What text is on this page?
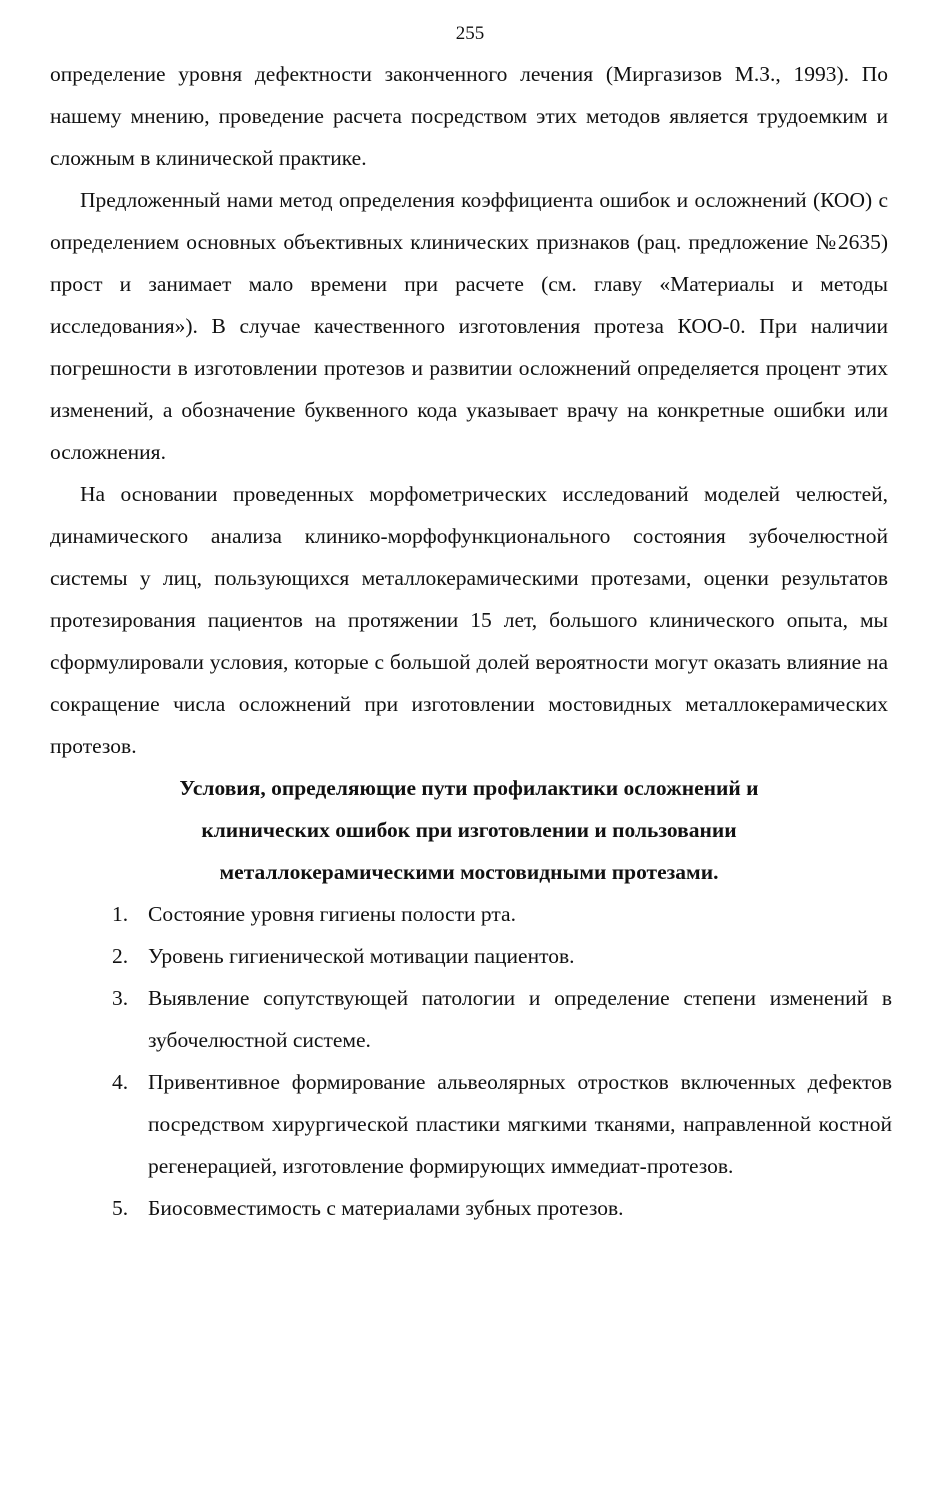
255

определение уровня дефектности законченного лечения (Миргазизов М.З., 1993). По нашему мнению, проведение расчета посредством этих методов является трудоемким и сложным в клинической практике.

Предложенный нами метод определения коэффициента ошибок и осложнений (КОО) с определением основных объективных клинических признаков (рац. предложение №2635) прост и занимает мало времени при расчете (см. главу «Материалы и методы исследования»). В случае качественного изготовления протеза КОО-0. При наличии погрешности в изготовлении протезов и развитии осложнений определяется процент этих изменений, а обозначение буквенного кода указывает врачу на конкретные ошибки или осложнения.

На основании проведенных морфометрических исследований моделей челюстей, динамического анализа клинико-морфофункционального состояния зубочелюстной системы у лиц, пользующихся металлокерамическими протезами, оценки результатов протезирования пациентов на протяжении 15 лет, большого клинического опыта, мы сформулировали условия, которые с большой долей вероятности могут оказать влияние на сокращение числа осложнений при изготовлении мостовидных металлокерамических протезов.

Условия, определяющие пути профилактики осложнений и
клинических ошибок при изготовлении и пользовании
металлокерамическими мостовидными протезами.
1. Состояние уровня гигиены полости рта.
2. Уровень гигиенической мотивации пациентов.
3. Выявление сопутствующей патологии и определение степени изменений в зубочелюстной системе.
4. Привентивное формирование альвеолярных отростков включенных дефектов посредством хирургической пластики мягкими тканями, направленной костной регенерацией, изготовление формирующих иммедиат-протезов.
5. Биосовместимость с материалами зубных протезов.
